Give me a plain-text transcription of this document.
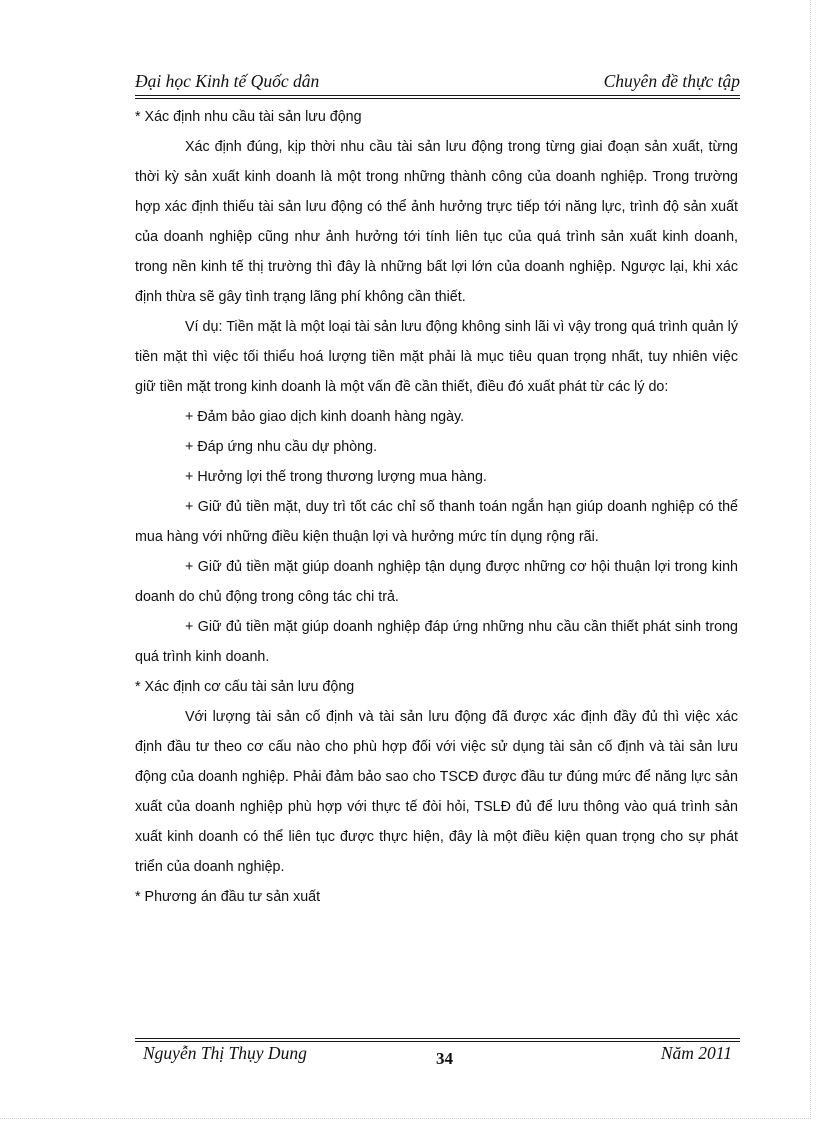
Đại học Kinh tế Quốc dân	Chuyên đề thực tập

* Xác định nhu cầu tài sản lưu động

Xác định đúng, kịp thời nhu cầu tài sản lưu động trong từng giai đoạn sản xuất, từng thời kỳ sản xuất kinh doanh là một trong những thành công của doanh nghiệp. Trong trường hợp xác định thiếu tài sản lưu động có thể ảnh hưởng trực tiếp tới năng lực, trình độ sản xuất của doanh nghiệp cũng như ảnh hưởng tới tính liên tục của quá trình sản xuất kinh doanh, trong nền kinh tế thị trường thì đây là những bất lợi lớn của doanh nghiệp. Ngược lại, khi xác định thừa sẽ gây tình trạng lãng phí không cần thiết.

Ví dụ: Tiền mặt là một loại tài sản lưu động không sinh lãi vì vậy trong quá trình quản lý tiền mặt thì việc tối thiểu hoá lượng tiền mặt phải là mục tiêu quan trọng nhất, tuy nhiên việc giữ tiền mặt trong kinh doanh là một vấn đề cần thiết, điều đó xuất phát từ các lý do:

+ Đảm bảo giao dịch kinh doanh hàng ngày.

+ Đáp ứng nhu cầu dự phòng.

+ Hưởng lợi thế trong thương lượng mua hàng.

+ Giữ đủ tiền mặt, duy trì tốt các chỉ số thanh toán ngắn hạn giúp doanh nghiệp có thể mua hàng với những điều kiện thuận lợi và hưởng mức tín dụng rộng rãi.

+ Giữ đủ tiền mặt giúp doanh nghiệp tận dụng được những cơ hội thuận lợi trong kinh doanh do chủ động trong công tác chi trả.

+ Giữ đủ tiền mặt giúp doanh nghiệp đáp ứng những nhu cầu cần thiết phát sinh trong quá trình kinh doanh.

* Xác định cơ cấu tài sản lưu động

Với lượng tài sản cố định và tài sản lưu động đã được xác định đầy đủ thì việc xác định đầu tư theo cơ cấu nào cho phù hợp đối với việc sử dụng tài sản cố định và tài sản lưu động của doanh nghiệp. Phải đảm bảo sao cho TSCĐ được đầu tư đúng mức để năng lực sản xuất của doanh nghiệp phù hợp với thực tế đòi hỏi, TSLĐ đủ để lưu thông vào quá trình sản xuất kinh doanh có thể liên tục được thực hiện, đây là một điều kiện quan trọng cho sự phát triển của doanh nghiệp.

* Phương án đầu tư sản xuất

Nguyễn Thị Thụy Dung	34	Năm 2011
